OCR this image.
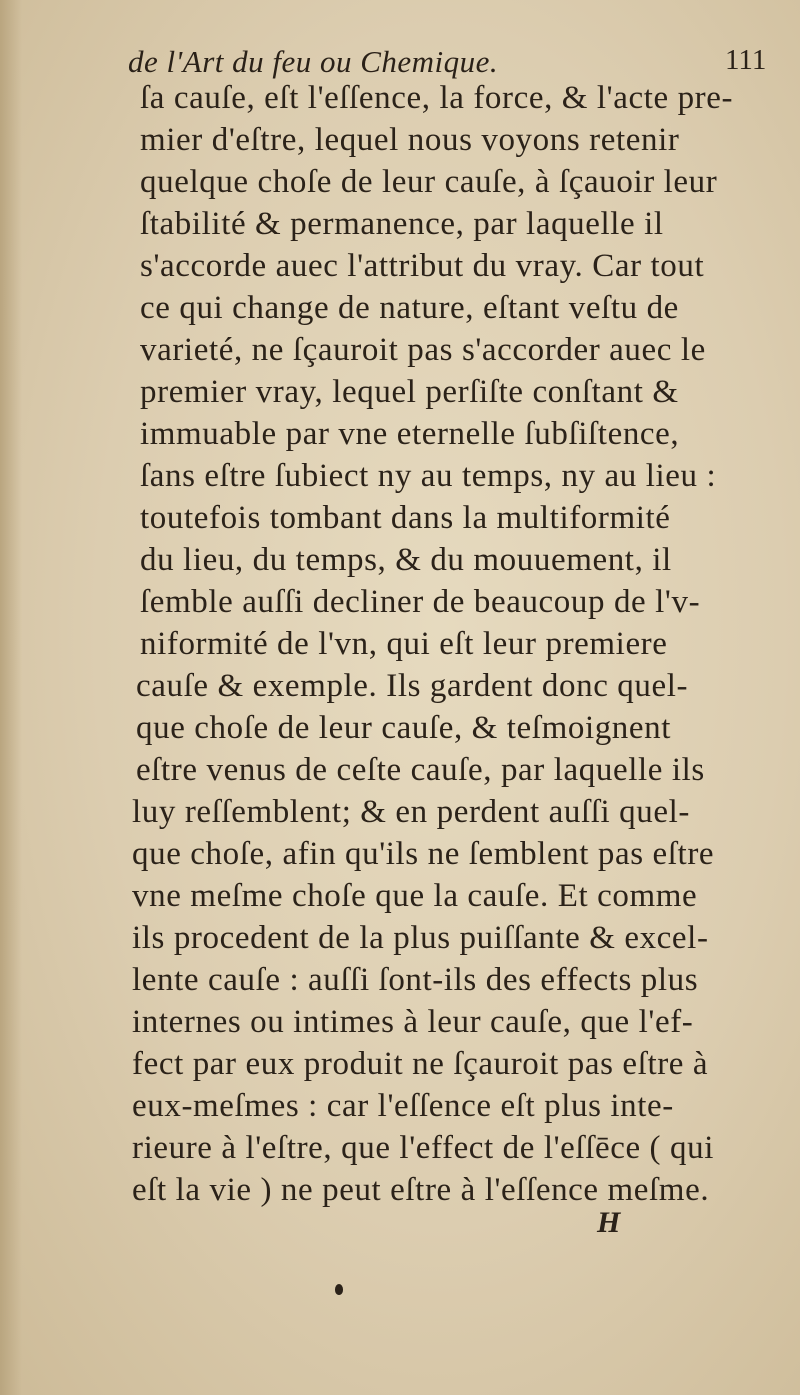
de l'Art du feu ou Chemique.	111
ſa cauſe, eſt l'eſſence, la force, & l'acte pre-
mier d'eſtre, lequel nous voyons retenir
quelque choſe de leur cauſe, à ſçauoir leur
ſtabilité & permanence, par laquelle il
s'accorde auec l'attribut du vray. Car tout
ce qui change de nature, eſtant veſtu de
varieté, ne ſçauroit pas s'accorder auec le
premier vray, lequel perſiſte conſtant &
immuable par vne eternelle ſubſiſtence,
ſans eſtre ſubiect ny au temps, ny au lieu :
toutefois tombant dans la multiformité
du lieu, du temps, & du mouuement, il
ſemble auſſi decliner de beaucoup de l'v-
niformité de l'vn, qui eſt leur premiere
cauſe & exemple. Ils gardent donc quel-
que choſe de leur cauſe, & teſmoignent
eſtre venus de ceſte cauſe, par laquelle ils
luy reſſemblent; & en perdent auſſi quel-
que choſe, afin qu'ils ne ſemblent pas eſtre
vne meſme choſe que la cauſe. Et comme
ils procedent de la plus puiſſante & excel-
lente cauſe : auſſi ſont-ils des effects plus
internes ou intimes à leur cauſe, que l'ef-
fect par eux produit ne ſçauroit pas eſtre à
eux-meſmes : car l'eſſence eſt plus inte-
rieure à l'eſtre, que l'effect de l'eſſēce ( qui
eſt la vie ) ne peut eſtre à l'eſſence meſme.
H
